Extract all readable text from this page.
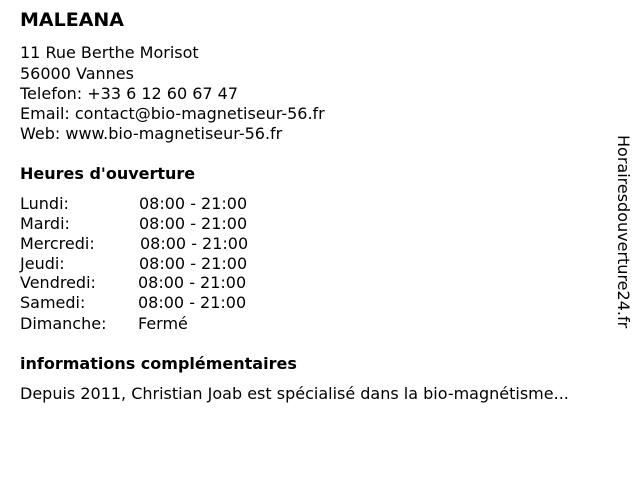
MALEANA
11 Rue Berthe Morisot
56000 Vannes
Telefon: +33 6 12 60 67 47
Email: contact@bio-magnetiseur-56.fr
Web: www.bio-magnetiseur-56.fr
Heures d'ouverture
Lundi:	08:00 - 21:00
Mardi:	08:00 - 21:00
Mercredi:	08:00 - 21:00
Jeudi:	08:00 - 21:00
Vendredi:	08:00 - 21:00
Samedi:	08:00 - 21:00
Dimanche: Fermé
informations complémentaires
Depuis 2011, Christian Joab est spécialisé dans la bio-magnétisme...
Horairesdouverture24.fr
